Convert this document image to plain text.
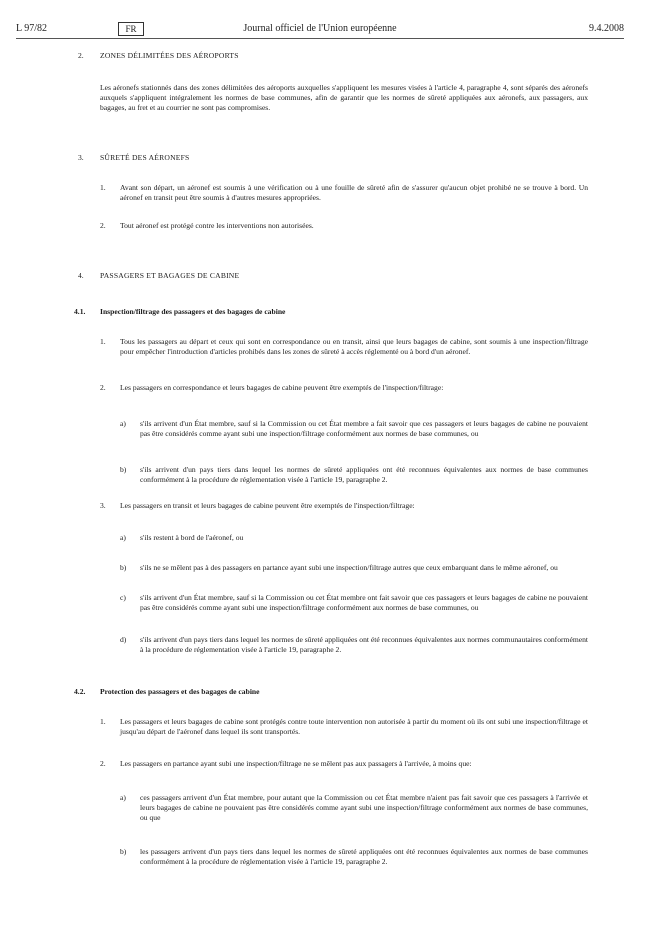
L 97/82	Journal officiel de l'Union européenne
FR	9.4.2008
2. ZONES DÉLIMITÉES DES AÉROPORTS
Les aéronefs stationnés dans des zones délimitées des aéroports auxquelles s'appliquent les mesures visées à l'article 4, paragraphe 4, sont séparés des aéronefs auxquels s'appliquent intégralement les normes de base communes, afin de garantir que les normes de sûreté appliquées aux aéronefs, aux passagers, aux bagages, au fret et au courrier ne sont pas compromises.
3. SÛRETÉ DES AÉRONEFS
1. Avant son départ, un aéronef est soumis à une vérification ou à une fouille de sûreté afin de s'assurer qu'aucun objet prohibé ne se trouve à bord. Un aéronef en transit peut être soumis à d'autres mesures appropriées.
2. Tout aéronef est protégé contre les interventions non autorisées.
4. PASSAGERS ET BAGAGES DE CABINE
4.1. Inspection/filtrage des passagers et des bagages de cabine
1. Tous les passagers au départ et ceux qui sont en correspondance ou en transit, ainsi que leurs bagages de cabine, sont soumis à une inspection/filtrage pour empêcher l'introduction d'articles prohibés dans les zones de sûreté à accès réglementé ou à bord d'un aéronef.
2. Les passagers en correspondance et leurs bagages de cabine peuvent être exemptés de l'inspection/filtrage:
a) s'ils arrivent d'un État membre, sauf si la Commission ou cet État membre a fait savoir que ces passagers et leurs bagages de cabine ne pouvaient pas être considérés comme ayant subi une inspection/filtrage conformément aux normes de base communes, ou
b) s'ils arrivent d'un pays tiers dans lequel les normes de sûreté appliquées ont été reconnues équivalentes aux normes de base communes conformément à la procédure de réglementation visée à l'article 19, paragraphe 2.
3. Les passagers en transit et leurs bagages de cabine peuvent être exemptés de l'inspection/filtrage:
a) s'ils restent à bord de l'aéronef, ou
b) s'ils ne se mêlent pas à des passagers en partance ayant subi une inspection/filtrage autres que ceux embarquant dans le même aéronef, ou
c) s'ils arrivent d'un État membre, sauf si la Commission ou cet État membre ont fait savoir que ces passagers et leurs bagages de cabine ne pouvaient pas être considérés comme ayant subi une inspection/filtrage conformément aux normes de base communes, ou
d) s'ils arrivent d'un pays tiers dans lequel les normes de sûreté appliquées ont été reconnues équivalentes aux normes communautaires conformément à la procédure de réglementation visée à l'article 19, paragraphe 2.
4.2. Protection des passagers et des bagages de cabine
1. Les passagers et leurs bagages de cabine sont protégés contre toute intervention non autorisée à partir du moment où ils ont subi une inspection/filtrage et jusqu'au départ de l'aéronef dans lequel ils sont transportés.
2. Les passagers en partance ayant subi une inspection/filtrage ne se mêlent pas aux passagers à l'arrivée, à moins que:
a) ces passagers arrivent d'un État membre, pour autant que la Commission ou cet État membre n'aient pas fait savoir que ces passagers à l'arrivée et leurs bagages de cabine ne pouvaient pas être considérés comme ayant subi une inspection/filtrage conformément aux normes de base communes, ou que
b) les passagers arrivent d'un pays tiers dans lequel les normes de sûreté appliquées ont été reconnues équivalentes aux normes de base communes conformément à la procédure de réglementation visée à l'article 19, paragraphe 2.
